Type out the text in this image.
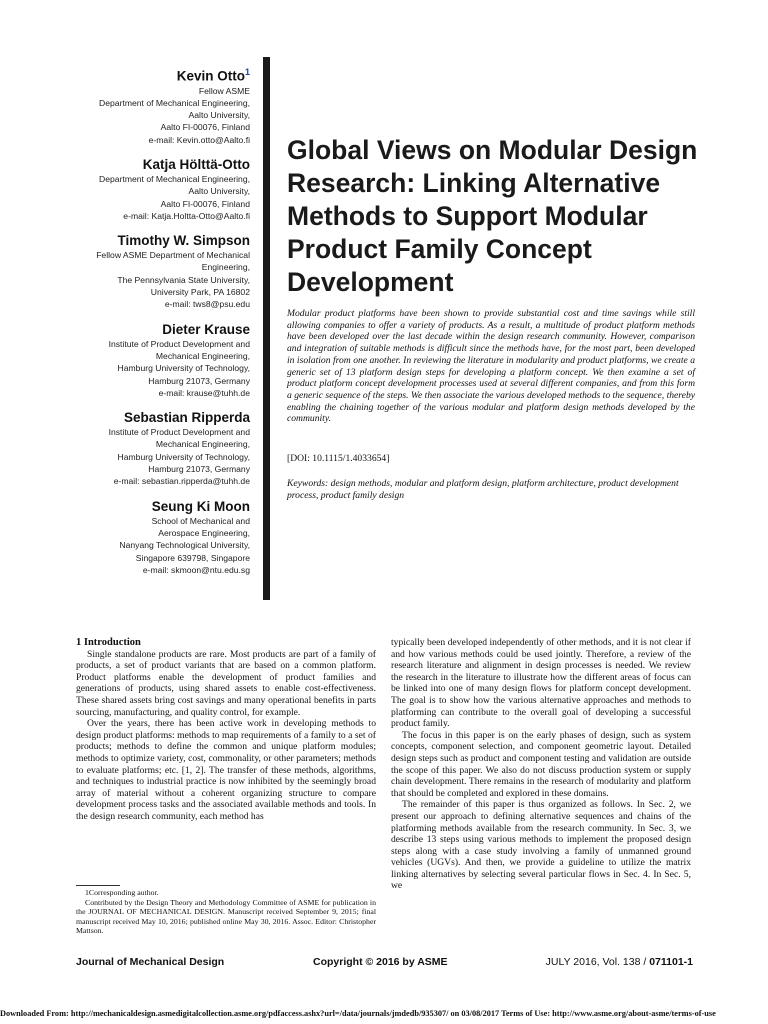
Kevin Otto$^1$
Fellow ASME
Department of Mechanical Engineering,
Aalto University,
Aalto FI-00076, Finland
e-mail: Kevin.otto@Aalto.fi
Katja Hölttä-Otto
Department of Mechanical Engineering,
Aalto University,
Aalto FI-00076, Finland
e-mail: Katja.Holtta-Otto@Aalto.fi
Timothy W. Simpson
Fellow ASME Department of Mechanical
Engineering,
The Pennsylvania State University,
University Park, PA 16802
e-mail: tws8@psu.edu
Dieter Krause
Institute of Product Development and
Mechanical Engineering,
Hamburg University of Technology,
Hamburg 21073, Germany
e-mail: krause@tuhh.de
Sebastian Ripperda
Institute of Product Development and
Mechanical Engineering,
Hamburg University of Technology,
Hamburg 21073, Germany
e-mail: sebastian.ripperda@tuhh.de
Seung Ki Moon
School of Mechanical and
Aerospace Engineering,
Nanyang Technological University,
Singapore 639798, Singapore
e-mail: skmoon@ntu.edu.sg
Global Views on Modular Design
Research: Linking Alternative
Methods to Support Modular
Product Family Concept
Development
Modular product platforms have been shown to provide substantial cost and time savings while still allowing companies to offer a variety of products. As a result, a multitude of product platform methods have been developed over the last decade within the design research community. However, comparison and integration of suitable methods is difficult since the methods have, for the most part, been developed in isolation from one another. In reviewing the literature in modularity and product platforms, we create a generic set of 13 platform design steps for developing a platform concept. We then examine a set of product platform concept development processes used at several different companies, and from this form a generic sequence of the steps. We then associate the various developed methods to the sequence, thereby enabling the chaining together of the various modular and platform design methods developed by the community.
[DOI: 10.1115/1.4033654]
Keywords: design methods, modular and platform design, platform architecture, product development process, product family design

1 Introduction

Single standalone products are rare. Most products are part of a family of products, a set of product variants that are based on a common platform. Product platforms enable the development of product families and generations of products, using shared assets to enable cost-effectiveness. These shared assets bring cost savings and many operational benefits in parts sourcing, manufacturing, and quality control, for example.

Over the years, there has been active work in developing methods to design product platforms: methods to map requirements of a family to a set of products; methods to define the common and unique platform modules; methods to optimize variety, cost, commonality, or other parameters; methods to evaluate platforms; etc. [1, 2]. The transfer of these methods, algorithms, and techniques to industrial practice is now inhibited by the seemingly broad array of material without a coherent organizing structure to compare development process tasks and the associated available methods and tools. In the design research community, each method has

typically been developed independently of other methods, and it is not clear if and how various methods could be used jointly. Therefore, a review of the research literature and alignment in design processes is needed. We review the research in the literature to illustrate how the different areas of focus can be linked into one of many design flows for platform concept development. The goal is to show how the various alternative approaches and methods to platforming can contribute to the overall goal of developing a successful product family.

The focus in this paper is on the early phases of design, such as system concepts, component selection, and component geometric layout. Detailed design steps such as product and component testing and validation are outside the scope of this paper. We also do not discuss production system or supply chain development. There remains in the research of modularity and platform that should be completed and explored in these domains.

The remainder of this paper is thus organized as follows. In Sec. 2, we present our approach to defining alternative sequences and chains of the platforming methods available from the research community. In Sec. 3, we describe 13 steps using various methods to implement the proposed design steps along with a case study involving a family of unmanned ground vehicles (UGVs). And then, we provide a guideline to utilize the matrix linking alternatives by selecting several particular flows in Sec. 4. In Sec. 5, we

1Corresponding author.

Contributed by the Design Theory and Methodology Committee of ASME for publication in the JOURNAL OF MECHANICAL DESIGN. Manuscript received September 9, 2015; final manuscript received May 10, 2016; published online May 30, 2016. Assoc. Editor: Christopher Mattson.

Journal of Mechanical Design	Copyright © 2016 by ASME	JULY 2016, Vol. 138 / 071101-1
Downloaded From: http://mechanicaldesign.asmedigitalcollection.asme.org/pdfaccess.ashx?url=/data/journals/jmdedb/935307/ on 03/08/2017 Terms of Use: http://www.asme.org/about-asme/terms-of-use
